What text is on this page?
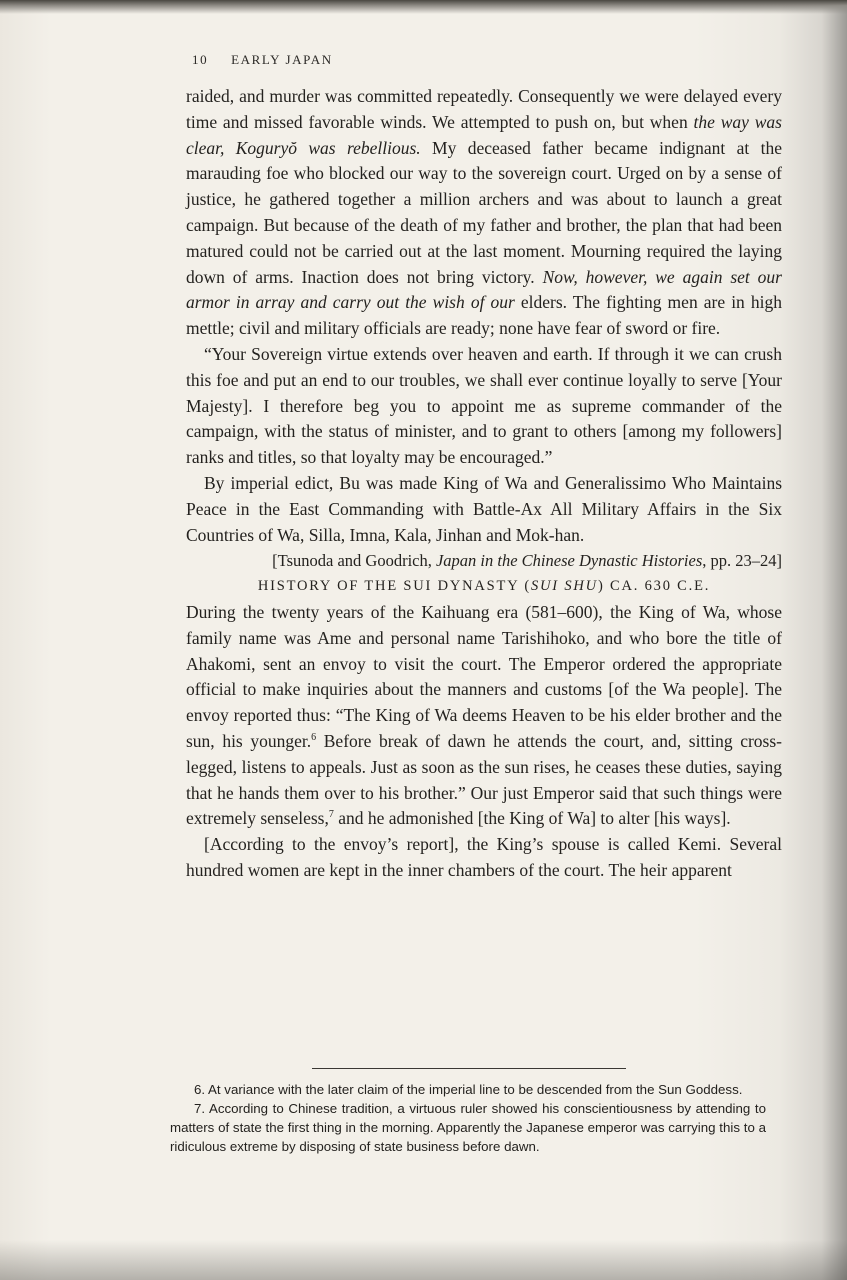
10 EARLY JAPAN

raided, and murder was committed repeatedly. Consequently we were delayed every time and missed favorable winds. We attempted to push on, but when the way was clear, Koguryŏ was rebellious. My deceased father became indignant at the marauding foe who blocked our way to the sovereign court. Urged on by a sense of justice, he gathered together a million archers and was about to launch a great campaign. But because of the death of my father and brother, the plan that had been matured could not be carried out at the last moment. Mourning required the laying down of arms. Inaction does not bring victory. Now, however, we again set our armor in array and carry out the wish of our elders. The fighting men are in high mettle; civil and military officials are ready; none have fear of sword or fire.

“Your Sovereign virtue extends over heaven and earth. If through it we can crush this foe and put an end to our troubles, we shall ever continue loyally to serve [Your Majesty]. I therefore beg you to appoint me as supreme commander of the campaign, with the status of minister, and to grant to others [among my followers] ranks and titles, so that loyalty may be encouraged.”

By imperial edict, Bu was made King of Wa and Generalissimo Who Maintains Peace in the East Commanding with Battle-Ax All Military Affairs in the Six Countries of Wa, Silla, Imna, Kala, Jinhan and Mok-han.

[Tsunoda and Goodrich, Japan in the Chinese Dynastic Histories, pp. 23–24]

HISTORY OF THE SUI DYNASTY (SUI SHU) CA. 630 C.E.

During the twenty years of the Kaihuang era (581–600), the King of Wa, whose family name was Ame and personal name Tarishihoko, and who bore the title of Ahakomi, sent an envoy to visit the court. The Emperor ordered the appropriate official to make inquiries about the manners and customs [of the Wa people]. The envoy reported thus: “The King of Wa deems Heaven to be his elder brother and the sun, his younger.$^6$ Before break of dawn he attends the court, and, sitting cross-legged, listens to appeals. Just as soon as the sun rises, he ceases these duties, saying that he hands them over to his brother.” Our just Emperor said that such things were extremely senseless,$^7$ and he admonished [the King of Wa] to alter [his ways].

[According to the envoy’s report], the King’s spouse is called Kemi. Several hundred women are kept in the inner chambers of the court. The heir apparent

6. At variance with the later claim of the imperial line to be descended from the Sun Goddess.

7. According to Chinese tradition, a virtuous ruler showed his conscientiousness by attending to matters of state the first thing in the morning. Apparently the Japanese emperor was carrying this to a ridiculous extreme by disposing of state business before dawn.
